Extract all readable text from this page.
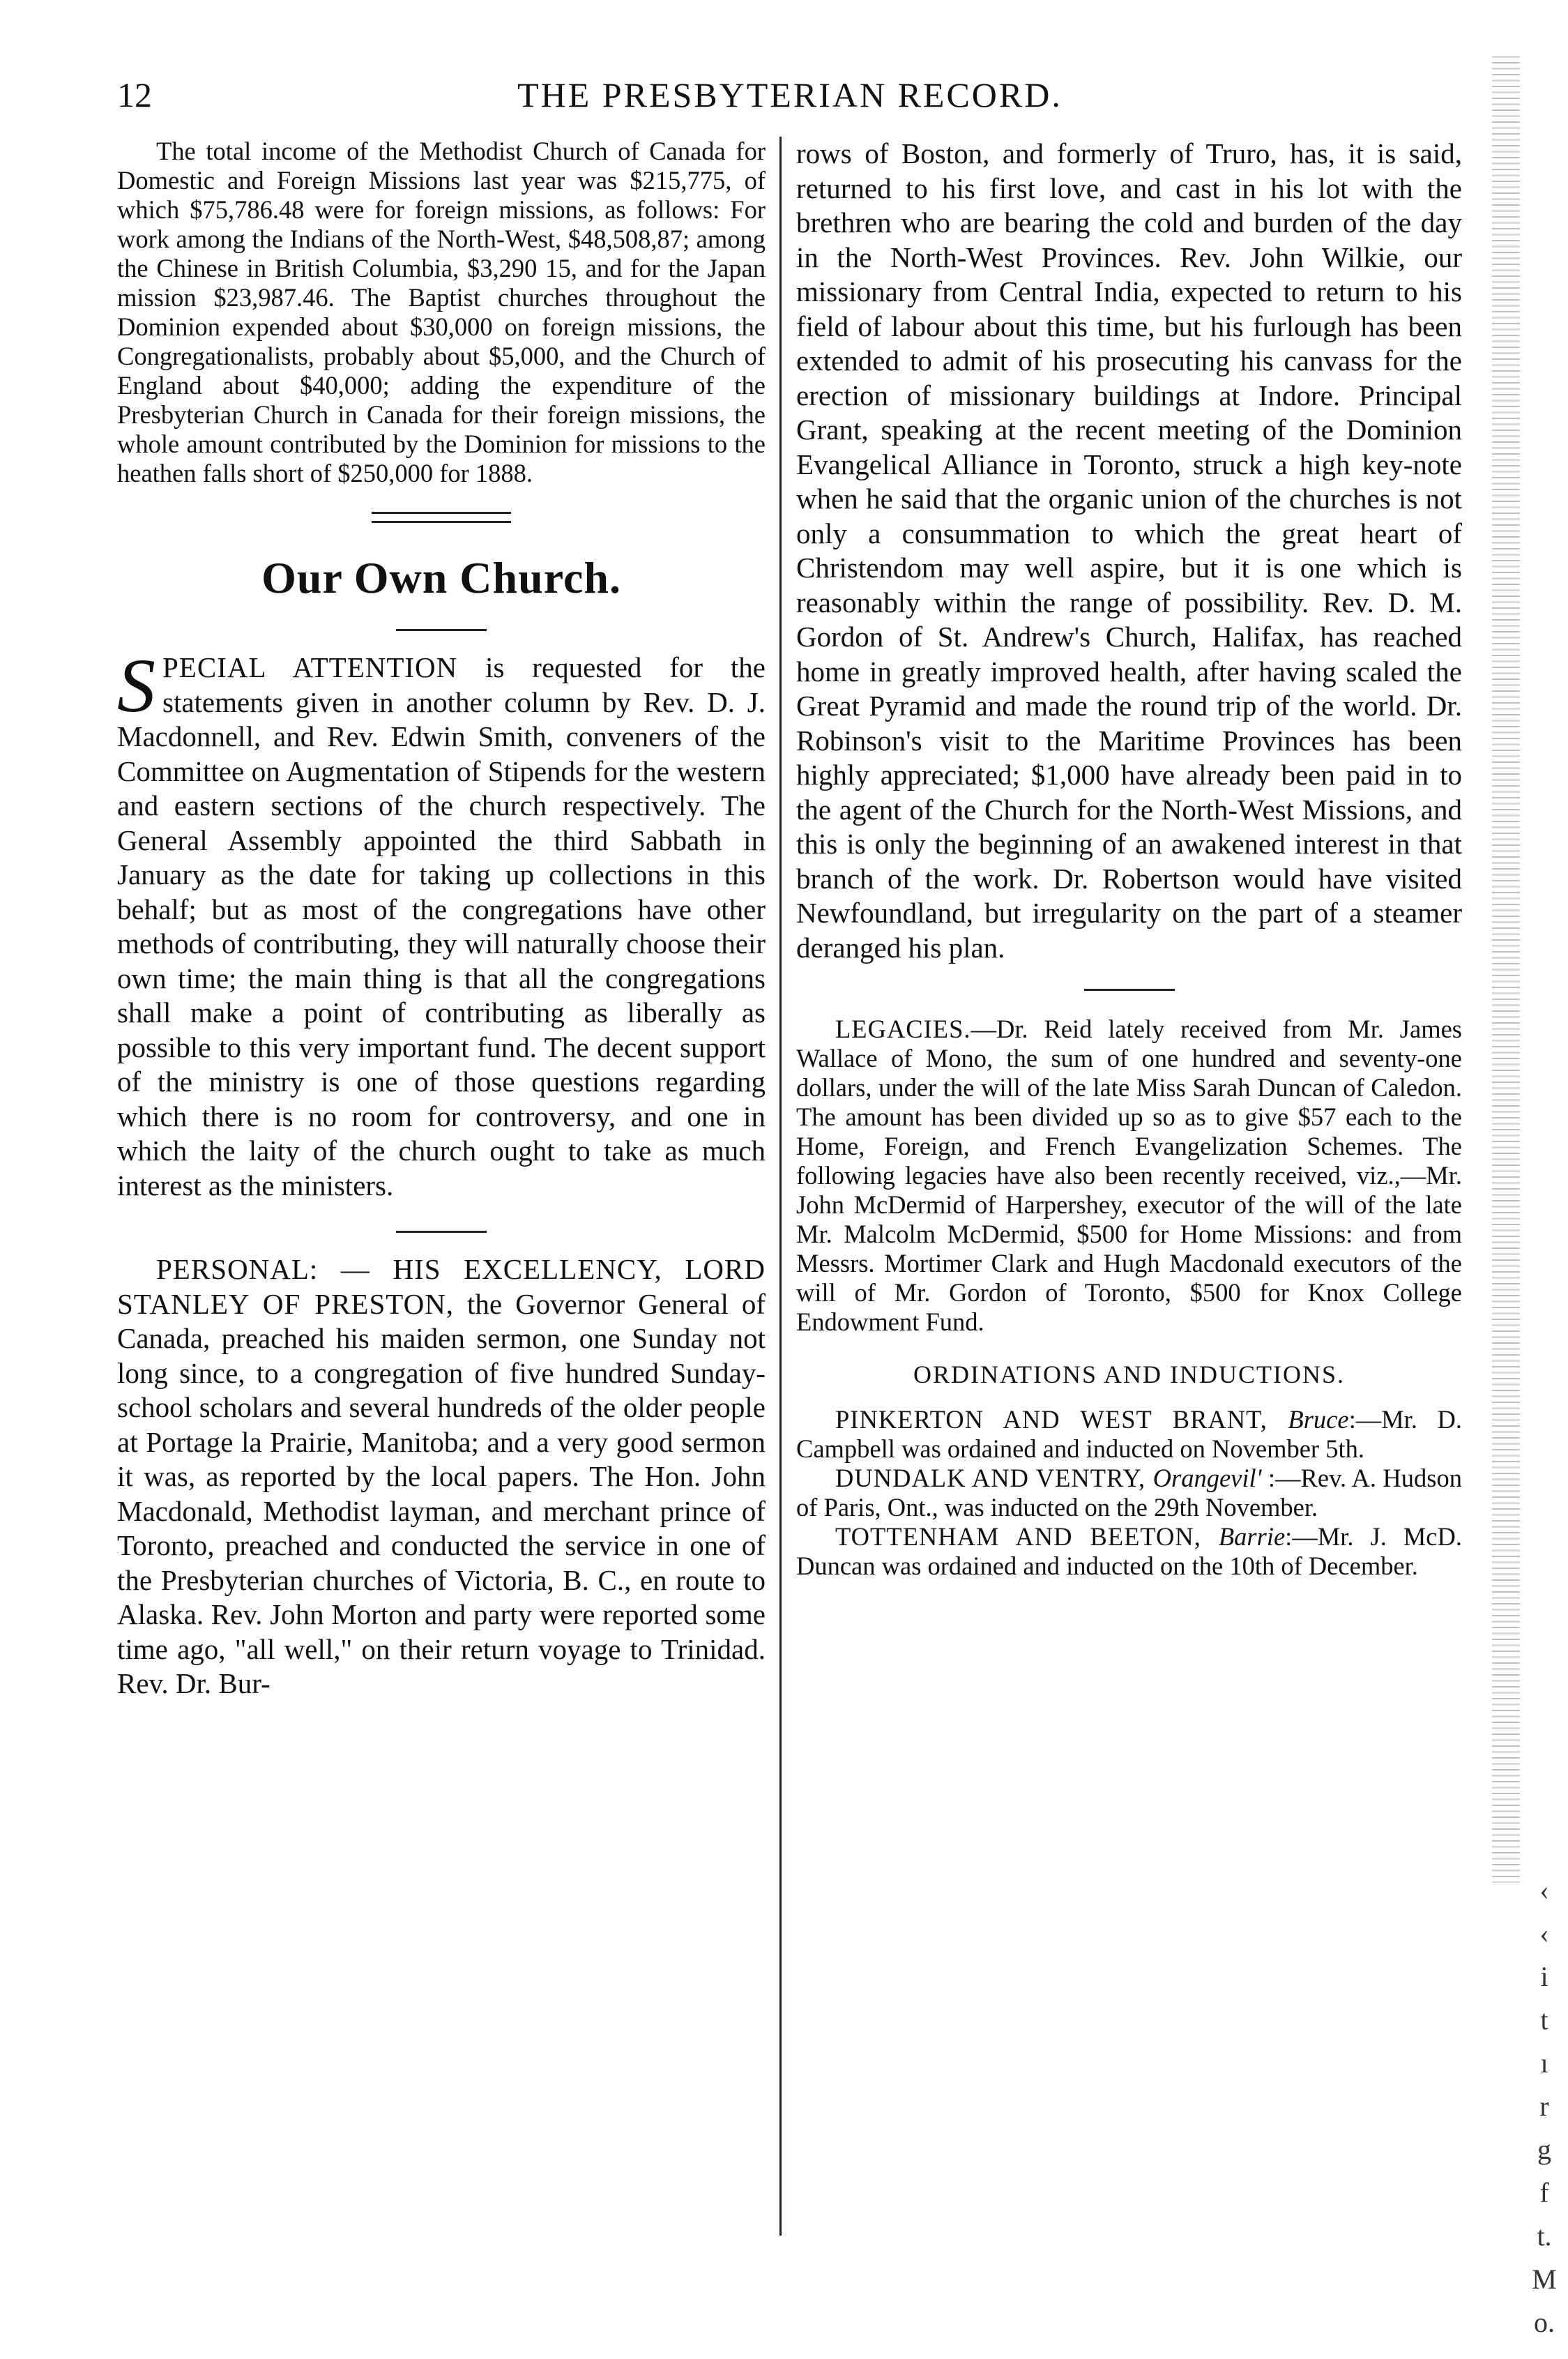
12	THE PRESBYTERIAN RECORD.

The total income of the Methodist Church of Canada for Domestic and Foreign Missions last year was $215,775, of which $75,786.48 were for foreign missions, as follows: For work among the Indians of the North-West, $48,508,87; among the Chinese in British Columbia, $3,290 15, and for the Japan mission $23,987.46. The Baptist churches throughout the Dominion expended about $30,000 on foreign missions, the Congregationalists, probably about $5,000, and the Church of England about $40,000; adding the expenditure of the Presbyterian Church in Canada for their foreign missions, the whole amount contributed by the Dominion for missions to the heathen falls short of $250,000 for 1888.

Our Own Church.

SPECIAL ATTENTION is requested for the statements given in another column by Rev. D. J. Macdonnell, and Rev. Edwin Smith, conveners of the Committee on Augmentation of Stipends for the western and eastern sections of the church respectively. The General Assembly appointed the third Sabbath in January as the date for taking up collections in this behalf; but as most of the congregations have other methods of contributing, they will naturally choose their own time; the main thing is that all the congregations shall make a point of contributing as liberally as possible to this very important fund. The decent support of the ministry is one of those questions regarding which there is no room for controversy, and one in which the laity of the church ought to take as much interest as the ministers.

PERSONAL: — HIS EXCELLENCY, LORD STANLEY OF PRESTON, the Governor General of Canada, preached his maiden sermon, one Sunday not long since, to a congregation of five hundred Sunday-school scholars and several hundreds of the older people at Portage la Prairie, Manitoba; and a very good sermon it was, as reported by the local papers. The Hon. John Macdonald, Methodist layman, and merchant prince of Toronto, preached and conducted the service in one of the Presbyterian churches of Victoria, B. C., en route to Alaska. Rev. John Morton and party were reported some time ago, "all well," on their return voyage to Trinidad. Rev. Dr. Bur-

rows of Boston, and formerly of Truro, has, it is said, returned to his first love, and cast in his lot with the brethren who are bearing the cold and burden of the day in the North-West Provinces. Rev. John Wilkie, our missionary from Central India, expected to return to his field of labour about this time, but his furlough has been extended to admit of his prosecuting his canvass for the erection of missionary buildings at Indore. Principal Grant, speaking at the recent meeting of the Dominion Evangelical Alliance in Toronto, struck a high key-note when he said that the organic union of the churches is not only a consummation to which the great heart of Christendom may well aspire, but it is one which is reasonably within the range of possibility. Rev. D. M. Gordon of St. Andrew's Church, Halifax, has reached home in greatly improved health, after having scaled the Great Pyramid and made the round trip of the world. Dr. Robinson's visit to the Maritime Provinces has been highly appreciated; $1,000 have already been paid in to the agent of the Church for the North-West Missions, and this is only the beginning of an awakened interest in that branch of the work. Dr. Robertson would have visited Newfoundland, but irregularity on the part of a steamer deranged his plan.

LEGACIES.—Dr. Reid lately received from Mr. James Wallace of Mono, the sum of one hundred and seventy-one dollars, under the will of the late Miss Sarah Duncan of Caledon. The amount has been divided up so as to give $57 each to the Home, Foreign, and French Evangelization Schemes. The following legacies have also been recently received, viz.,—Mr. John McDermid of Harpershey, executor of the will of the late Mr. Malcolm McDermid, $500 for Home Missions: and from Messrs. Mortimer Clark and Hugh Macdonald executors of the will of Mr. Gordon of Toronto, $500 for Knox College Endowment Fund.

ORDINATIONS AND INDUCTIONS.

PINKERTON AND WEST BRANT, Bruce:—Mr. D. Campbell was ordained and inducted on November 5th.

DUNDALK AND VENTRY, Orangevil' :—Rev. A. Hudson of Paris, Ont., was inducted on the 29th November.

TOTTENHAM AND BEETON, Barrie:—Mr. J. McD. Duncan was ordained and inducted on the 10th of December.

‹
‹
i
t
ı
r
g
f
t.
M
o.
